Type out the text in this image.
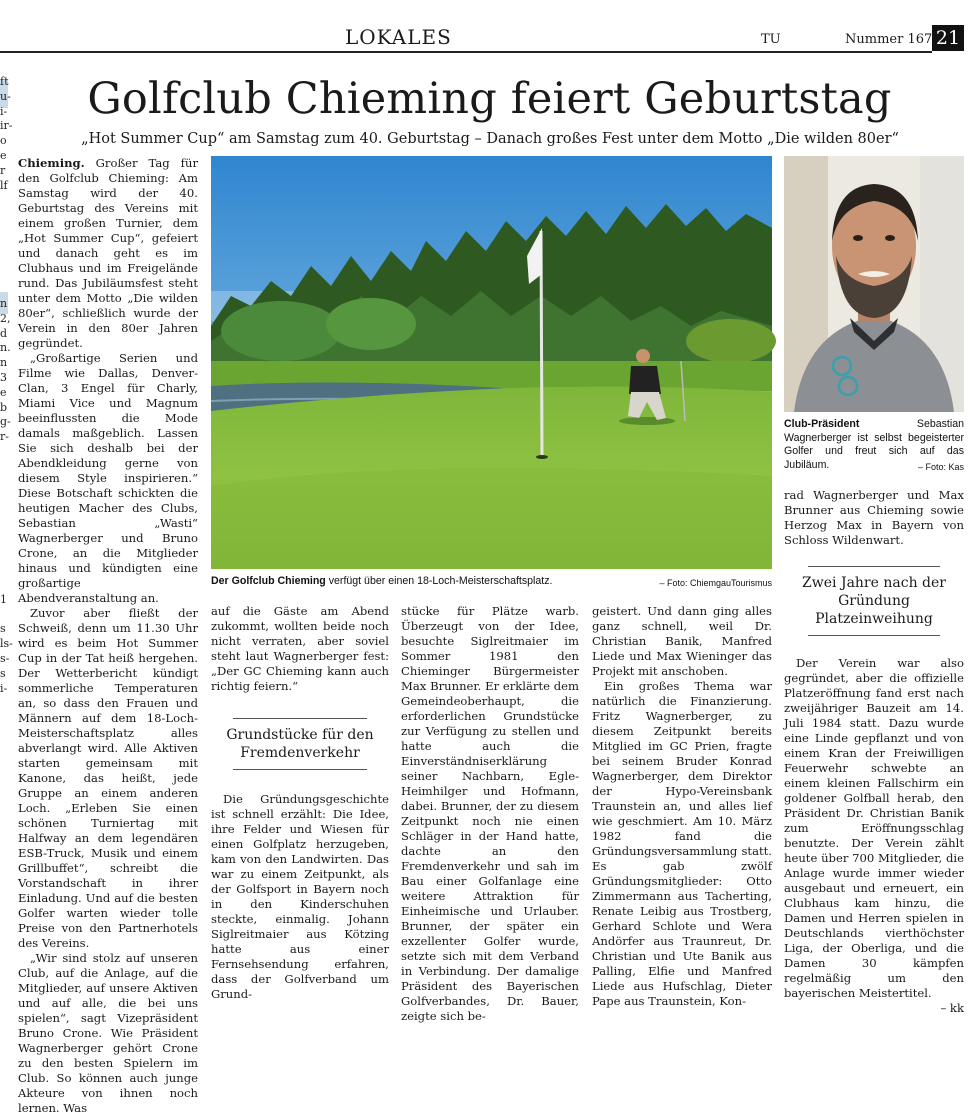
LOKALES	TU	Nummer 167 21
ft
u-
i-
ir-
o
e
r
lf

n
2,
d
n.
n
3
e
b
g-
r-

1

s
ls-
s-
s
i-

Golfclub Chieming feiert Geburtstag
„Hot Summer Cup“ am Samstag zum 40. Geburtstag – Danach großes Fest unter dem Motto „Die wilden 80er“
Der Golfclub Chieming verfügt über einen 18-Loch-Meisterschaftsplatz.	– Foto: ChiemgauTourismus
Club-Präsident Sebastian Wagnerberger ist selbst begeisterter Golfer und freut sich auf das Jubiläum.	– Foto: Kas

Chieming. Großer Tag für den Golfclub Chieming: Am Samstag wird der 40. Geburtstag des Vereins mit einem großen Turnier, dem „Hot Summer Cup“, gefeiert und danach geht es im Clubhaus und im Freigelände rund. Das Jubiläumsfest steht unter dem Motto „Die wilden 80er“, schließlich wurde der Verein in den 80er Jahren gegründet.

„Großartige Serien und Filme wie Dallas, Denver-Clan, 3 Engel für Charly, Miami Vice und Magnum beeinflussten die Mode damals maßgeblich. Lassen Sie sich deshalb bei der Abendkleidung gerne von diesem Style inspirieren.“ Diese Botschaft schickten die heutigen Macher des Clubs, Sebastian „Wasti“ Wagnerberger und Bruno Crone, an die Mitglieder hinaus und kündigten eine großartige Abendveranstaltung an.

Zuvor aber fließt der Schweiß, denn um 11.30 Uhr wird es beim Hot Summer Cup in der Tat heiß hergehen. Der Wetterbericht kündigt sommerliche Temperaturen an, so dass den Frauen und Männern auf dem 18-Loch-Meisterschaftsplatz alles abverlangt wird. Alle Aktiven starten gemeinsam mit Kanone, das heißt, jede Gruppe an einem anderen Loch. „Erleben Sie einen schönen Turniertag mit Halfway an dem legendären ESB-Truck, Musik und einem Grillbuffet“, schreibt die Vorstandschaft in ihrer Einladung. Und auf die besten Golfer warten wieder tolle Preise von den Partnerhotels des Vereins.

„Wir sind stolz auf unseren Club, auf die Anlage, auf die Mitglieder, auf unsere Aktiven und auf alle, die bei uns spielen“, sagt Vizepräsident Bruno Crone. Wie Präsident Wagnerberger gehört Crone zu den besten Spielern im Club. So können auch junge Akteure von ihnen noch lernen. Was

auf die Gäste am Abend zukommt, wollten beide noch nicht verraten, aber soviel steht laut Wagnerberger fest: „Der GC Chieming kann auch richtig feiern.“

Grundstücke für den Fremdenverkehr

Die Gründungsgeschichte ist schnell erzählt: Die Idee, ihre Felder und Wiesen für einen Golfplatz herzugeben, kam von den Landwirten. Das war zu einem Zeitpunkt, als der Golfsport in Bayern noch in den Kinderschuhen steckte, einmalig. Johann Siglreitmaier aus Kötzing hatte aus einer Fernsehsendung erfahren, dass der Golfverband um Grund-

stücke für Plätze warb. Überzeugt von der Idee, besuchte Siglreitmaier im Sommer 1981 den Chieminger Bürgermeister Max Brunner. Er erklärte dem Gemeindeoberhaupt, die erforderlichen Grundstücke zur Verfügung zu stellen und hatte auch die Einverständniserklärung seiner Nachbarn, Egle-Heimhilger und Hofmann, dabei. Brunner, der zu diesem Zeitpunkt noch nie einen Schläger in der Hand hatte, dachte an den Fremdenverkehr und sah im Bau einer Golfanlage eine weitere Attraktion für Einheimische und Urlauber. Brunner, der später ein exzellenter Golfer wurde, setzte sich mit dem Verband in Verbindung. Der damalige Präsident des Bayerischen Golfverbandes, Dr. Bauer, zeigte sich be-

geistert. Und dann ging alles ganz schnell, weil Dr. Christian Banik, Manfred Liede und Max Wieninger das Projekt mit anschoben.

Ein großes Thema war natürlich die Finanzierung. Fritz Wagnerberger, zu diesem Zeitpunkt bereits Mitglied im GC Prien, fragte bei seinem Bruder Konrad Wagnerberger, dem Direktor der Hypo-Vereinsbank Traunstein an, und alles lief wie geschmiert. Am 10. März 1982 fand die Gründungsversammlung statt. Es gab zwölf Gründungsmitglieder: Otto Zimmermann aus Tacherting, Renate Leibig aus Trostberg, Gerhard Schlote und Wera Andörfer aus Traunreut, Dr. Christian und Ute Banik aus Palling, Elfie und Manfred Liede aus Hufschlag, Dieter Pape aus Traunstein, Kon-

rad Wagnerberger und Max Brunner aus Chieming sowie Herzog Max in Bayern von Schloss Wildenwart.

Zwei Jahre nach der Gründung Platzeinweihung

Der Verein war also gegründet, aber die offizielle Platzeröffnung fand erst nach zweijähriger Bauzeit am 14. Juli 1984 statt. Dazu wurde eine Linde gepflanzt und von einem Kran der Freiwilligen Feuerwehr schwebte an einem kleinen Fallschirm ein goldener Golfball herab, den Präsident Dr. Christian Banik zum Eröffnungsschlag benutzte. Der Verein zählt heute über 700 Mitglieder, die Anlage wurde immer wieder ausgebaut und erneuert, ein Clubhaus kam hinzu, die Damen und Herren spielen in Deutschlands vierthöchster Liga, der Oberliga, und die Damen 30 kämpfen regelmäßig um den bayerischen Meistertitel.

– kk
